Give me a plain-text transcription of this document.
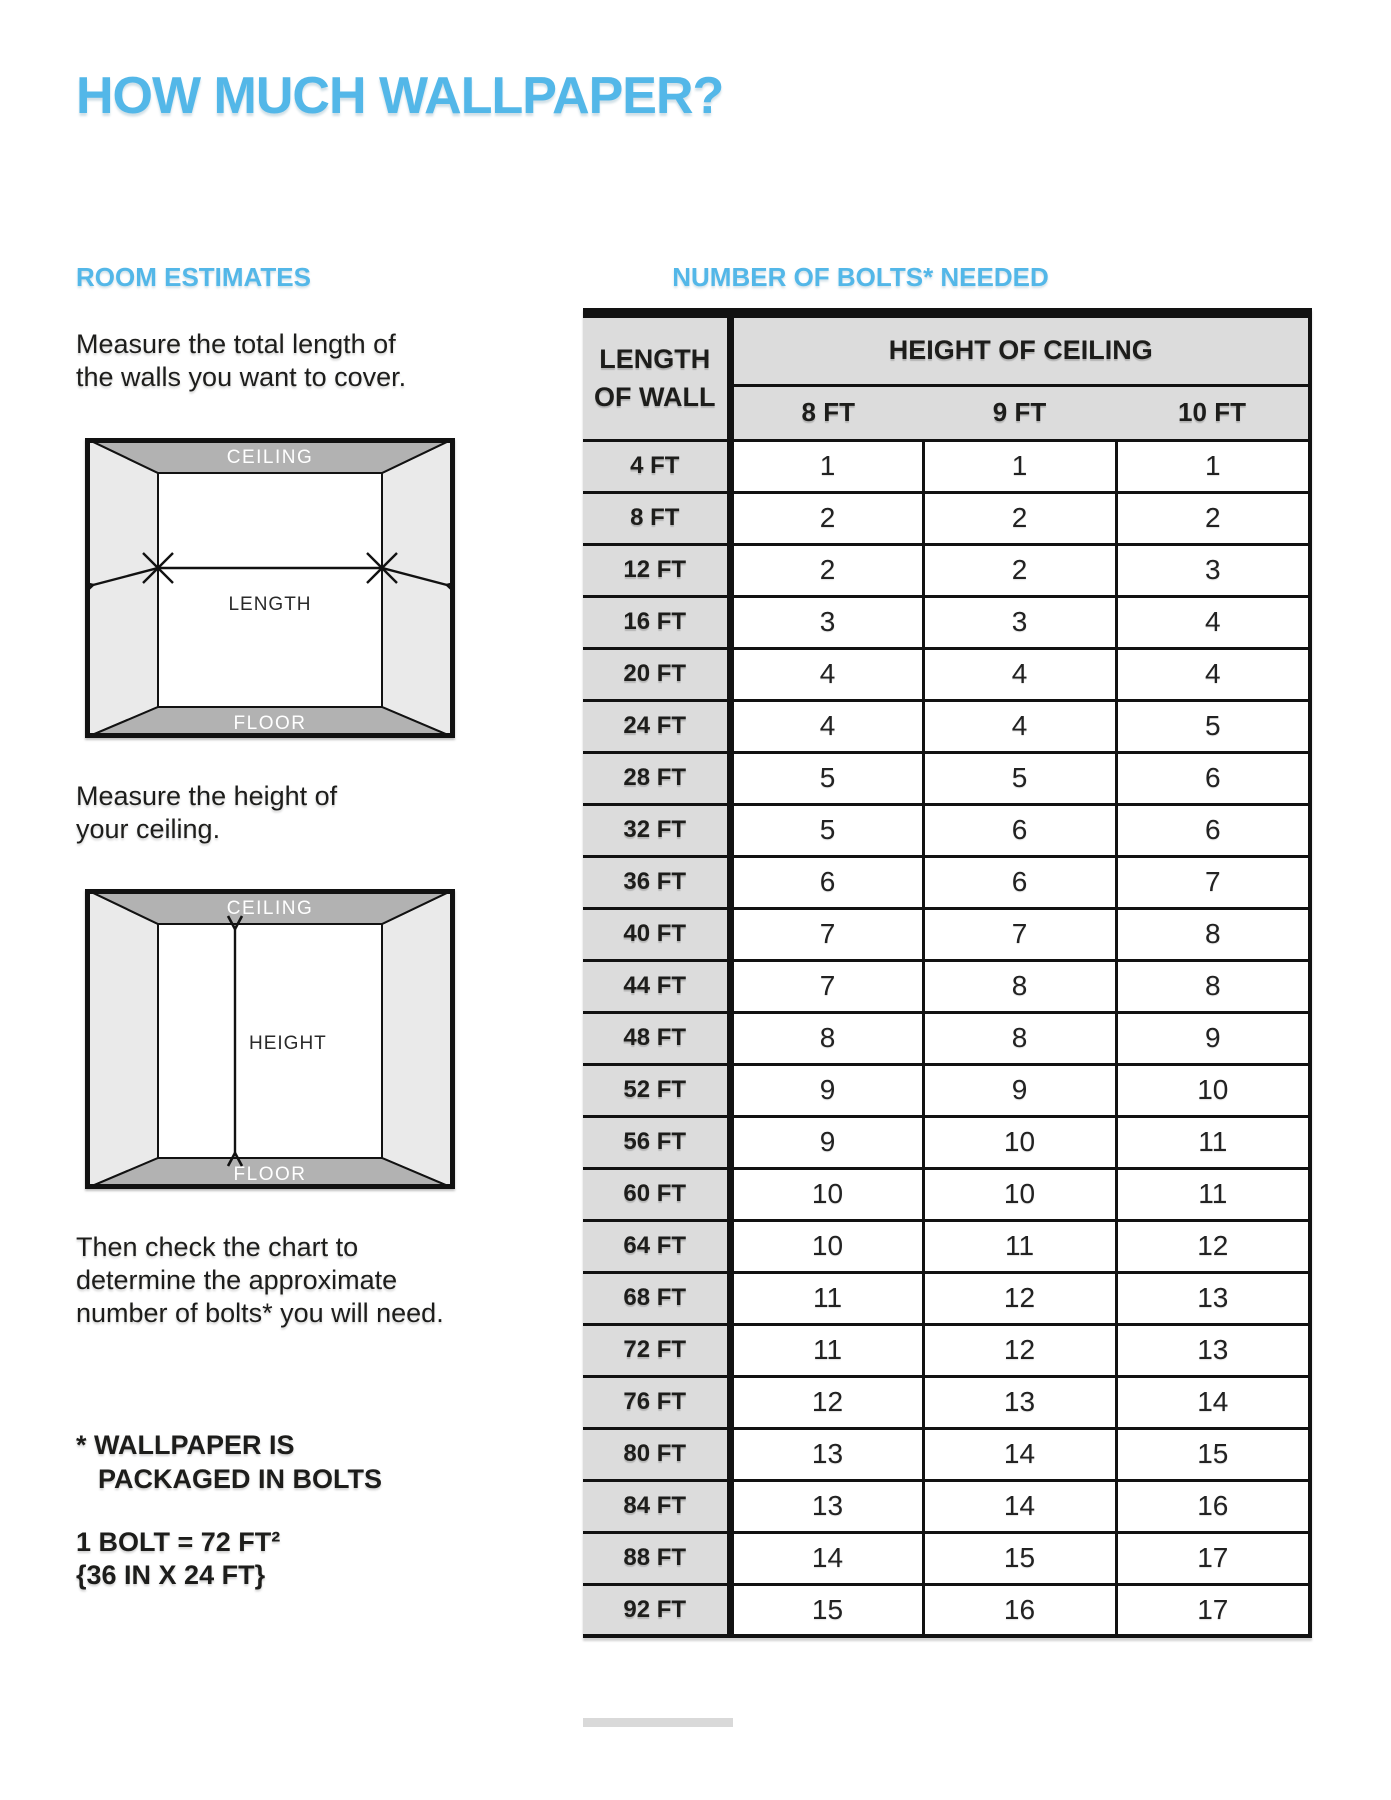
HOW MUCH WALLPAPER?
ROOM ESTIMATES
Measure the total length of
the walls you want to cover.
CEILING
FLOOR
LENGTH
Measure the height of
your ceiling.
CEILING
FLOOR
HEIGHT
Then check the chart to
determine the approximate
number of bolts* you will need.
* WALLPAPER IS
PACKAGED IN BOLTS
1 BOLT = 72 FT²
{36 IN X 24 FT}
NUMBER OF BOLTS* NEEDED
LENGTH
OF WALL	HEIGHT OF CEILING		
	8 FT	9 FT	10 FT
4 FT	1	1	1
8 FT	2	2	2
12 FT	2	2	3
16 FT	3	3	4
20 FT	4	4	4
24 FT	4	4	5
28 FT	5	5	6
32 FT	5	6	6
36 FT	6	6	7
40 FT	7	7	8
44 FT	7	8	8
48 FT	8	8	9
52 FT	9	9	10
56 FT	9	10	11
60 FT	10	10	11
64 FT	10	11	12
68 FT	11	12	13
72 FT	11	12	13
76 FT	12	13	14
80 FT	13	14	15
84 FT	13	14	16
88 FT	14	15	17
92 FT	15	16	17
